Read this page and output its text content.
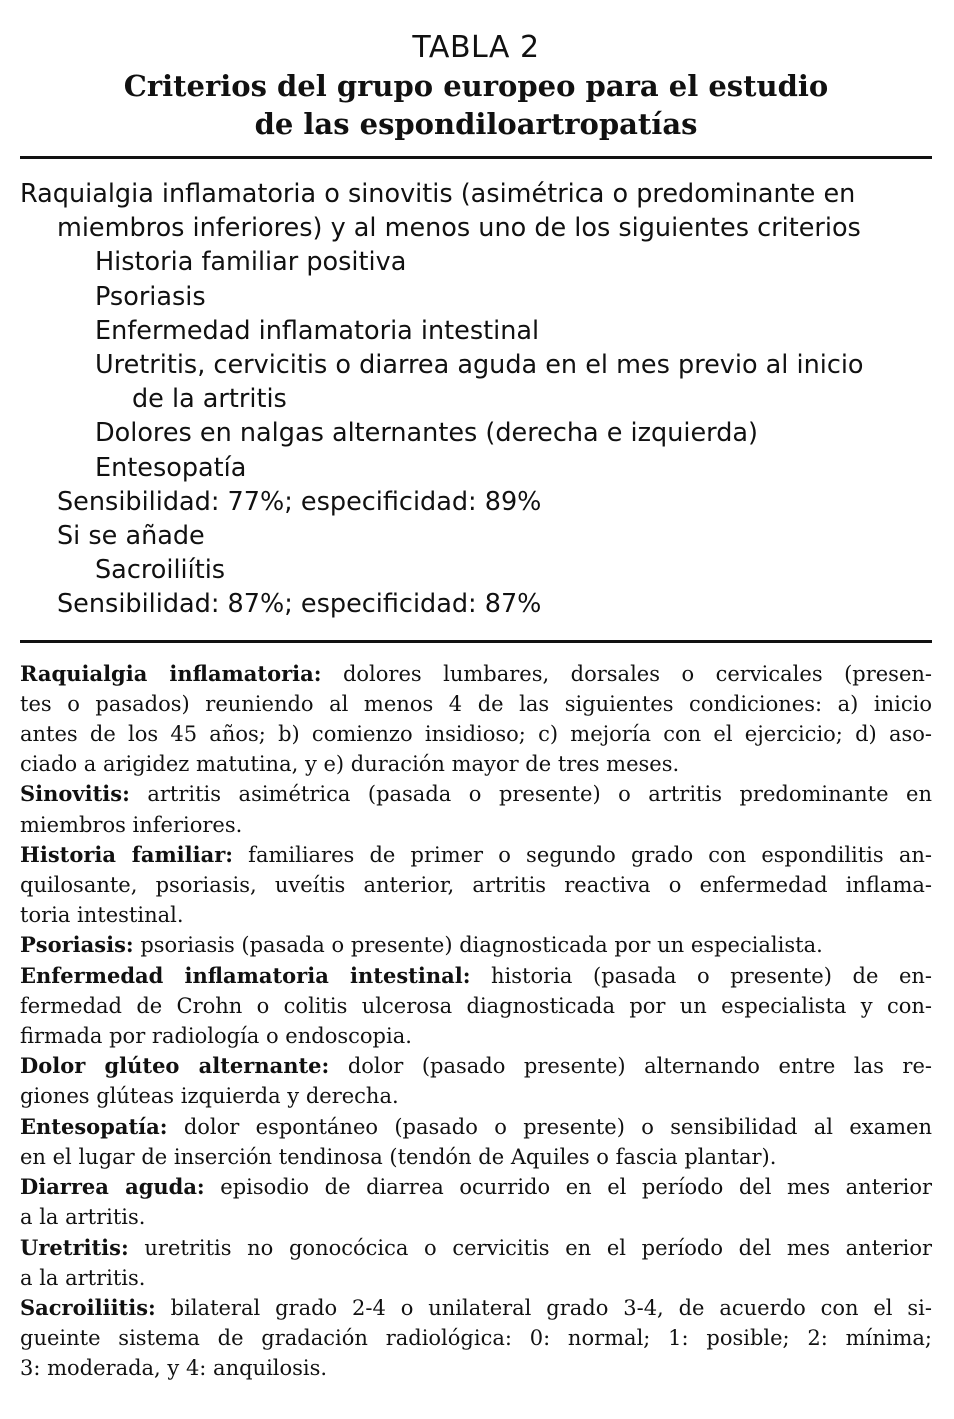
TABLA 2
Criterios del grupo europeo para el estudio
de las espondiloartropatías
Raquialgia inflamatoria o sinovitis (asimétrica o predominante en
miembros inferiores) y al menos uno de los siguientes criterios
Historia familiar positiva
Psoriasis
Enfermedad inflamatoria intestinal
Uretritis, cervicitis o diarrea aguda en el mes previo al inicio
de la artritis
Dolores en nalgas alternantes (derecha e izquierda)
Entesopatía
Sensibilidad: 77%; especificidad: 89%
Si se añade
Sacroiliítis
Sensibilidad: 87%; especificidad: 87%
Raquialgia inflamatoria: dolores lumbares, dorsales o cervicales (presen-
tes o pasados) reuniendo al menos 4 de las siguientes condiciones: a) inicio
antes de los 45 años; b) comienzo insidioso; c) mejoría con el ejercicio; d) aso-
ciado a arigidez matutina, y e) duración mayor de tres meses.
Sinovitis: artritis asimétrica (pasada o presente) o artritis predominante en
miembros inferiores.
Historia familiar: familiares de primer o segundo grado con espondilitis an-
quilosante, psoriasis, uveítis anterior, artritis reactiva o enfermedad inflama-
toria intestinal.
Psoriasis: psoriasis (pasada o presente) diagnosticada por un especialista.
Enfermedad inflamatoria intestinal: historia (pasada o presente) de en-
fermedad de Crohn o colitis ulcerosa diagnosticada por un especialista y con-
firmada por radiología o endoscopia.
Dolor glúteo alternante: dolor (pasado presente) alternando entre las re-
giones glúteas izquierda y derecha.
Entesopatía: dolor espontáneo (pasado o presente) o sensibilidad al examen
en el lugar de inserción tendinosa (tendón de Aquiles o fascia plantar).
Diarrea aguda: episodio de diarrea ocurrido en el período del mes anterior
a la artritis.
Uretritis: uretritis no gonocócica o cervicitis en el período del mes anterior
a la artritis.
Sacroiliitis: bilateral grado 2-4 o unilateral grado 3-4, de acuerdo con el si-
gueinte sistema de gradación radiológica: 0: normal; 1: posible; 2: mínima;
3: moderada, y 4: anquilosis.
